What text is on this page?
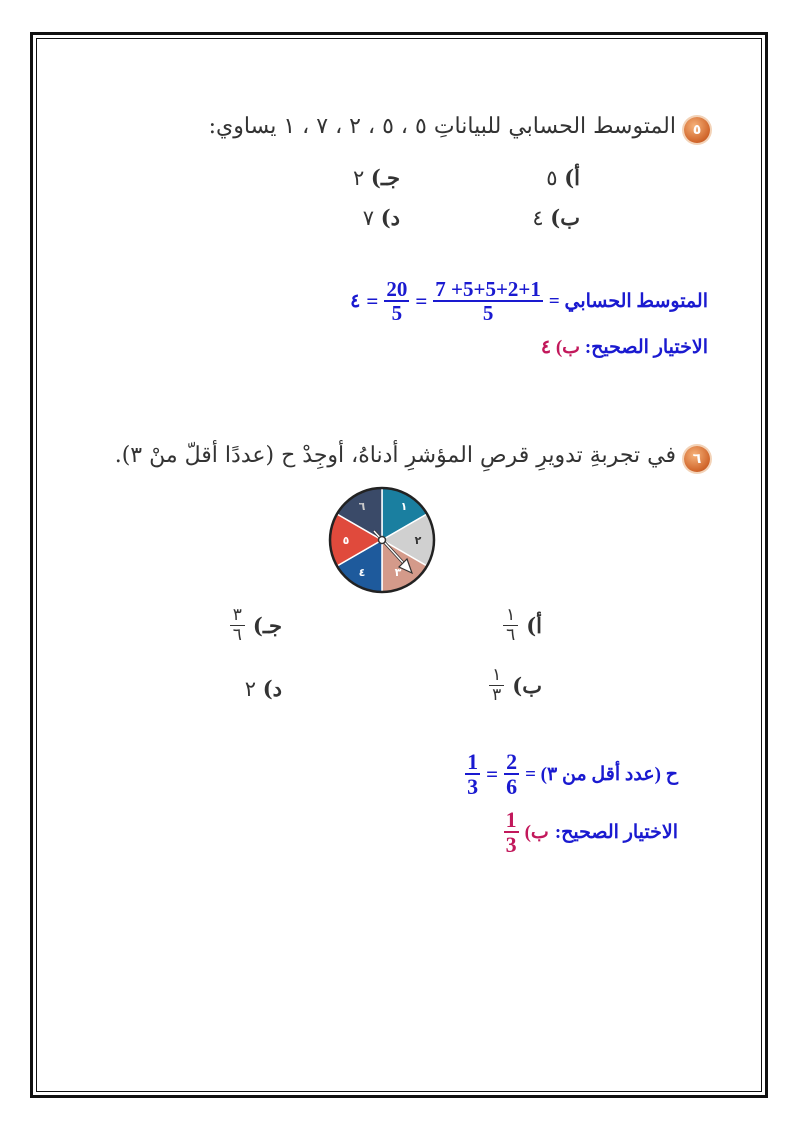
٥
المتوسط الحسابي للبياناتِ ٥ ، ٥ ، ٢ ، ٧ ، ١ يساوي:
أ) ٥
ب) ٤
جـ) ٢
د) ٧
المتوسط الحسابي =
$\frac{7 +5+5+2+1}{5}$
=
$\frac{20}{5}$
=
٤
الاختيار الصحيح: ب) ٤
٦
في تجربةِ تدويرِ قرصِ المؤشرِ أدناهُ، أوجِدْ ح (عددًا أقلّ منْ ٣).
١
٢
٣
٤
٥
٦
أ)
١
٦
ب)
١
٣
جـ)
٣
٦
د) ٢
ح (عدد أقل من ٣) =
$\frac{2}{6}$
=
$\frac{1}{3}$
الاختيار الصحيح:
ب)
$\frac{1}{3}$
